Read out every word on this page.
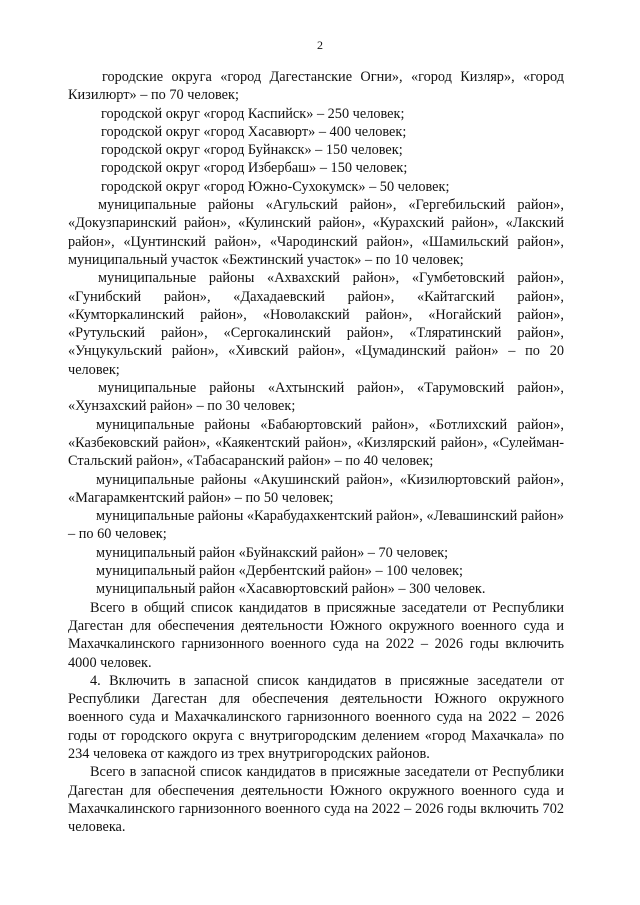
2

городские округа «город Дагестанские Огни», «город Кизляр», «город Кизилюрт» – по 70 человек;

городской округ «город Каспийск» – 250 человек;

городской округ «город Хасавюрт» – 400 человек;

городской округ «город Буйнакск» – 150 человек;

городской округ «город Избербаш» – 150 человек;

городской округ «город Южно-Сухокумск» – 50 человек;

муниципальные районы «Агульский район», «Гергебильский район», «Докузпаринский район», «Кулинский район», «Курахский район», «Лакский район», «Цунтинский район», «Чародинский район», «Шамильский район», муниципальный участок «Бежтинский участок» – по 10 человек;

муниципальные районы «Ахвахский район», «Гумбетовский район», «Гунибский район», «Дахадаевский район», «Кайтагский район», «Кумторкалинский район», «Новолакский район», «Ногайский район», «Рутульский район», «Сергокалинский район», «Тляратинский район», «Унцукульский район», «Хивский район», «Цумадинский район» – по 20 человек;

муниципальные районы «Ахтынский район», «Тарумовский район», «Хунзахский район» – по 30 человек;

муниципальные районы «Бабаюртовский район», «Ботлихский район», «Казбековский район», «Каякентский район», «Кизлярский район», «Сулейман-Стальский район», «Табасаранский район» – по 40 человек;

муниципальные районы «Акушинский район», «Кизилюртовский район», «Магарамкентский район» – по 50 человек;

муниципальные районы «Карабудахкентский район», «Левашинский район» – по 60 человек;

муниципальный район «Буйнакский район» – 70 человек;

муниципальный район «Дербентский район» – 100 человек;

муниципальный район «Хасавюртовский район» – 300 человек.

Всего в общий список кандидатов в присяжные заседатели от Республики Дагестан для обеспечения деятельности Южного окружного военного суда и Махачкалинского гарнизонного военного суда на 2022 – 2026 годы включить 4000 человек.

4. Включить в запасной список кандидатов в присяжные заседатели от Республики Дагестан для обеспечения деятельности Южного окружного военного суда и Махачкалинского гарнизонного военного суда на 2022 – 2026 годы от городского округа с внутригородским делением «город Махачкала» по 234 человека от каждого из трех внутригородских районов.

Всего в запасной список кандидатов в присяжные заседатели от Республики Дагестан для обеспечения деятельности Южного окружного военного суда и Махачкалинского гарнизонного военного суда на 2022 – 2026 годы включить 702 человека.
